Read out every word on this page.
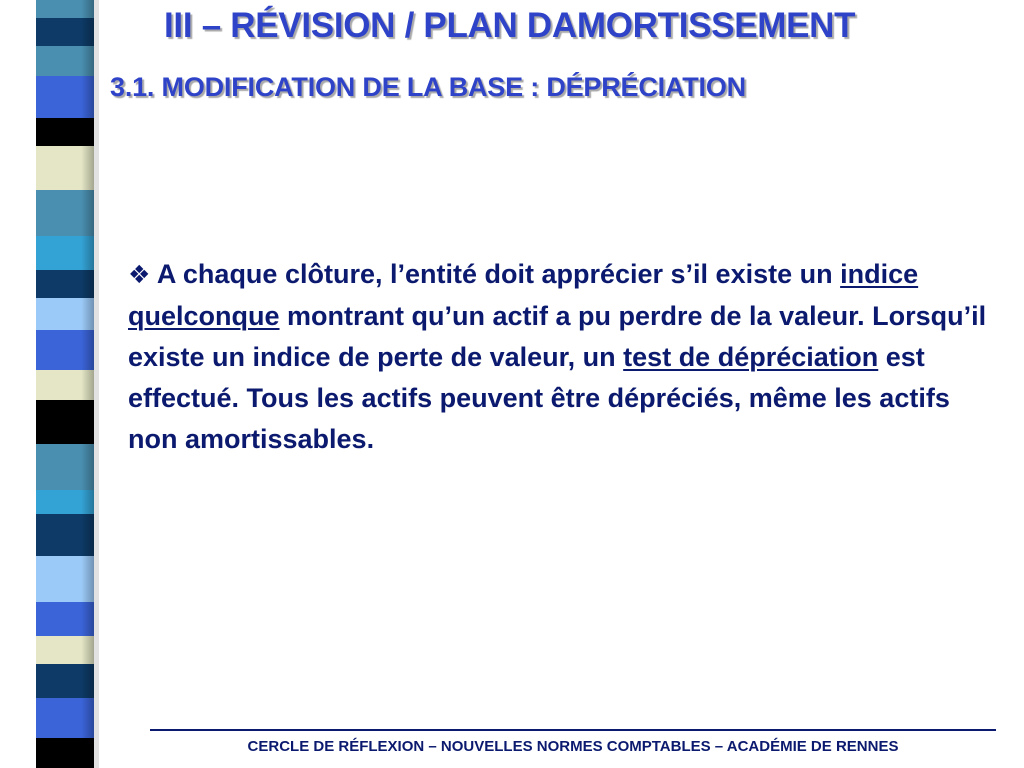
III – RÉVISION / PLAN DAMORTISSEMENT
3.1. MODIFICATION DE LA BASE : DÉPRÉCIATION

❖ A chaque clôture, l’entité doit apprécier s’il existe un indice quelconque montrant qu’un actif a pu perdre de la valeur. Lorsqu’il existe un indice de perte de valeur, un test de dépréciation est effectué. Tous les actifs peuvent être dépréciés, même les actifs non amortissables.

CERCLE DE RÉFLEXION – NOUVELLES NORMES COMPTABLES – ACADÉMIE DE RENNES
